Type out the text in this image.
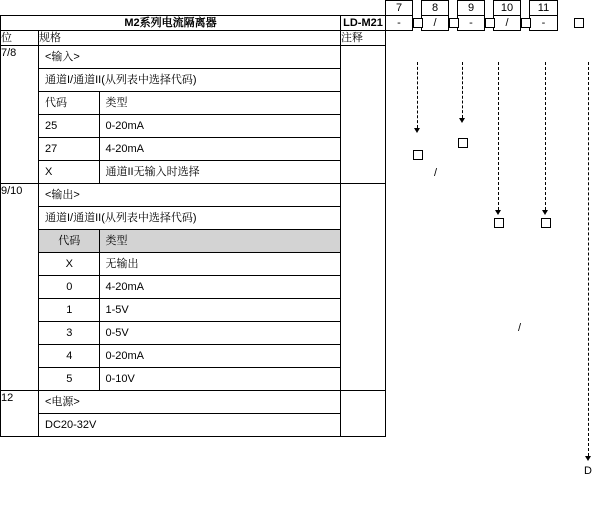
			7		8		9		10		11	
M2系列电流隔离器	LD-M21	-		/		-		/		-		
位	规格	注释										
7/8		<输入>
通道I/通道II(从列表中选择代码)
代码	类型
25	0-20mA
27	4-20mA
X	通道II无输入时选择

9/10	<输出>
通道I/通道II(从列表中选择代码)
代码	类型
X	无输出
0	4-20mA
1	1-5V
3	0-5V
4	0-20mA
5	0-10V

12		<电源>
DC20-32V

/
/
D
